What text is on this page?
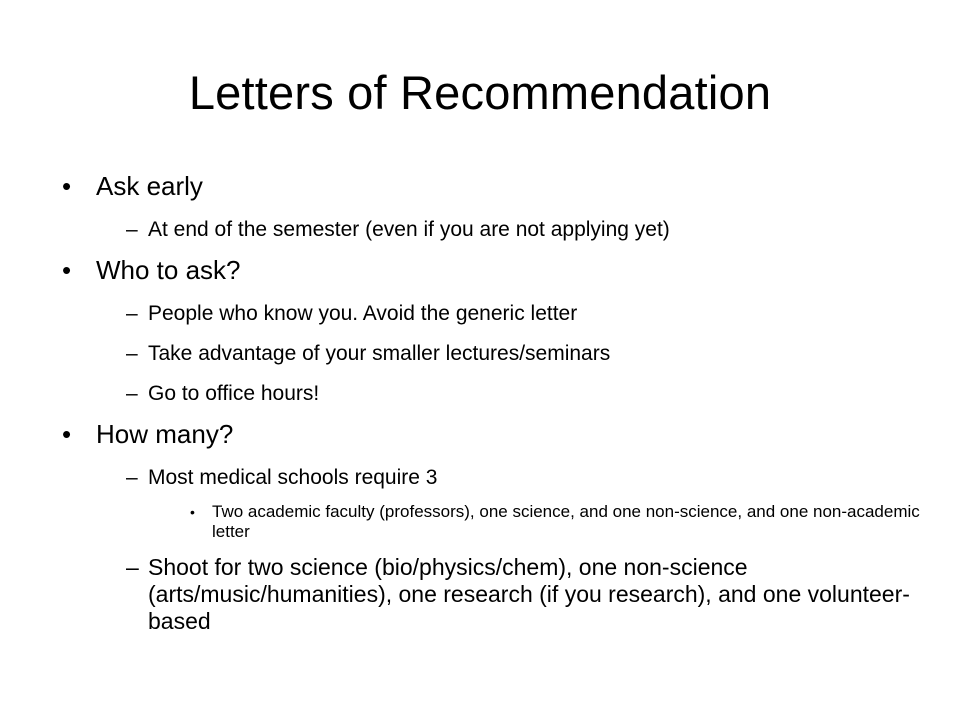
Letters of Recommendation
• Ask early
– At end of the semester (even if you are not applying yet)
• Who to ask?
– People who know you. Avoid the generic letter
– Take advantage of your smaller lectures/seminars
– Go to office hours!
• How many?
– Most medical schools require 3
•	Two academic faculty (professors), one science, and one non-science, and one non-academic letter
– Shoot for two science (bio/physics/chem), one non-science (arts/music/humanities), one research (if you research), and one volunteer-based
